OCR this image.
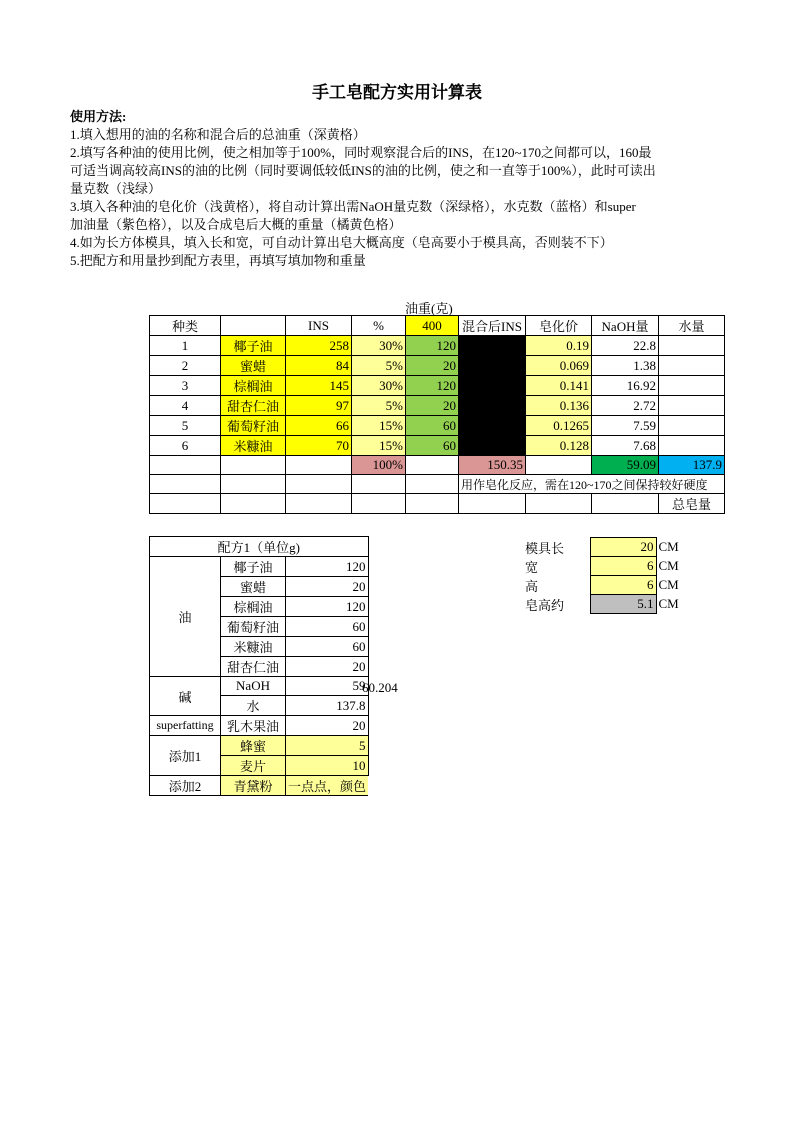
手工皂配方实用计算表
使用方法:
1.填入想用的油的名称和混合后的总油重（深黄格）
2.填写各种油的使用比例，使之相加等于100%，同时观察混合后的INS，在120~170之间都可以，160最
可适当调高较高INS的油的比例（同时要调低较低INS的油的比例，使之和一直等于100%），此时可读出
量克数（浅绿）
3.填入各种油的皂化价（浅黄格），将自动计算出需NaOH量克数（深绿格），水克数（蓝格）和super
加油量（紫色格），以及合成皂后大概的重量（橘黄色格）
4.如为长方体模具，填入长和宽，可自动计算出皂大概高度（皂高要小于模具高，否则装不下）
5.把配方和用量抄到配方表里，再填写填加物和重量
油重(克)
种类		INS	%	400	混合后INS	皂化价	NaOH量	水量
1	椰子油	258	30%	120		0.19	22.8	
2	蜜蜡	84	5%	20		0.069	1.38	
3	棕榈油	145	30%	120		0.141	16.92	
4	甜杏仁油	97	5%	20		0.136	2.72	
5	葡萄籽油	66	15%	60		0.1265	7.59	
6	米糠油	70	15%	60		0.128	7.68	
			100%		150.35		59.09	137.9
					用作皂化反应，需在120~170之间保持较好硬度			
								总皂量
配方1（单位g)		
油	椰子油	120
	蜜蜡	20
	棕榈油	120
	葡萄籽油	60
	米糠油	60
	甜杏仁油	20
碱	NaOH	59
	水	137.8
superfatting	乳木果油	20
添加1	蜂蜜	5
	麦片	10
添加2	青黛粉	一点点，颜色
60.204
模具长	20	CM
宽	6	CM
高	6	CM
皂高约	5.1	CM
